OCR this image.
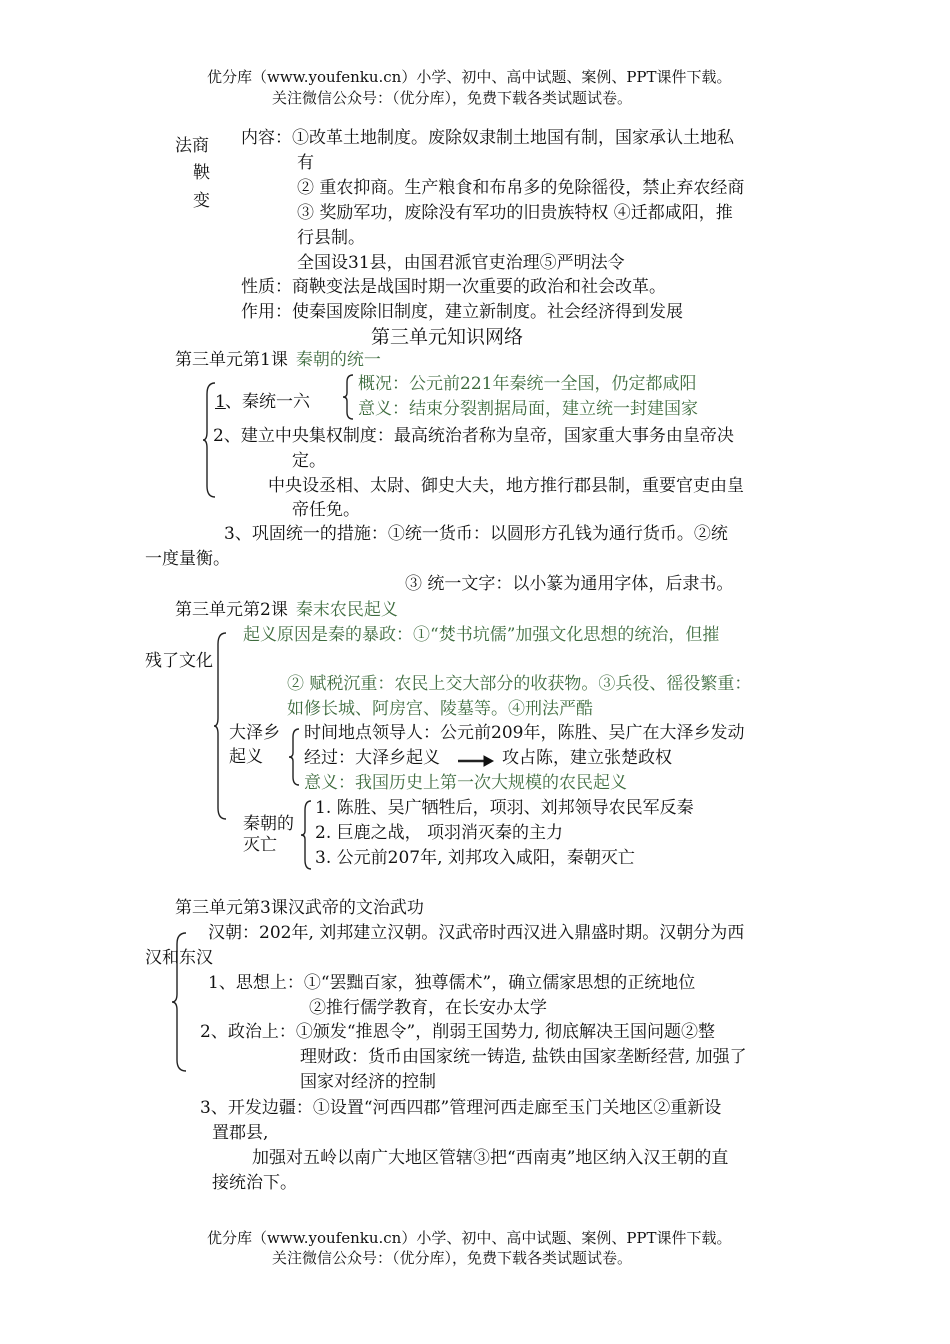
优分库（www.youfenku.cn）小学、初中、高中试题、案例、PPT课件下载。
关注微信公众号：（优分库），免费下载各类试题试卷。
法商
鞅
变
内容：①改革土地制度。废除奴隶制土地国有制，国家承认土地私
有
② 重农抑商。生产粮食和布帛多的免除徭役，禁止弃农经商
③ 奖励军功，废除没有军功的旧贵族特权 ④迁都咸阳，推
行县制。
全国设31县，由国君派官吏治理⑤严明法令
性质：商鞅变法是战国时期一次重要的政治和社会改革。
作用：使秦国废除旧制度，建立新制度。社会经济得到发展
第三单元知识网络
第三单元第1课 秦朝的统一
1 、秦统一六
概况：公元前221年秦统一全国，仍定都咸阳
意义：结束分裂割据局面，建立统一封建国家
2、建立中央集权制度：最高统治者称为皇帝，国家重大事务由皇帝决
定。
中央设丞相、太尉、御史大夫，地方推行郡县制，重要官吏由皇
帝任免。
3、巩固统一的措施：①统一货币：以圆形方孔钱为通行货币。②统
一度量衡。
③ 统一文字：以小篆为通用字体，后隶书。
第三单元第2课 秦末农民起义
起义原因是秦的暴政：①“焚书坑儒”加强文化思想的统治，但摧
残了文化
② 赋税沉重：农民上交大部分的收获物。③兵役、徭役繁重：
如修长城、阿房宫、陵墓等。④刑法严酷
大泽乡
起义
时间地点领导人：公元前209年，陈胜、吴广在大泽乡发动
经过：大泽乡起义	攻占陈，建立张楚政权
意义：我国历史上第一次大规模的农民起义
秦朝的
灭亡
1. 陈胜、吴广牺牲后，项羽、刘邦领导农民军反秦
2. 巨鹿之战， 项羽消灭秦的主力
3. 公元前207年, 刘邦攻入咸阳，秦朝灭亡
第三单元第3课汉武帝的文治武功
汉朝：202年, 刘邦建立汉朝。汉武帝时西汉进入鼎盛时期。汉朝分为西
汉和东汉
1、思想上：①“罢黜百家，独尊儒术”，确立儒家思想的正统地位
②推行儒学教育，在长安办太学
2、政治上：①颁发“推恩令”，削弱王国势力, 彻底解决王国问题②整
理财政：货币由国家统一铸造, 盐铁由国家垄断经营, 加强了
国家对经济的控制
3、开发边疆：①设置“河西四郡”管理河西走廊至玉门关地区②重新设
置郡县,
加强对五岭以南广大地区管辖③把“西南夷”地区纳入汉王朝的直
接统治下。
优分库（www.youfenku.cn）小学、初中、高中试题、案例、PPT课件下载。
关注微信公众号：（优分库），免费下载各类试题试卷。
